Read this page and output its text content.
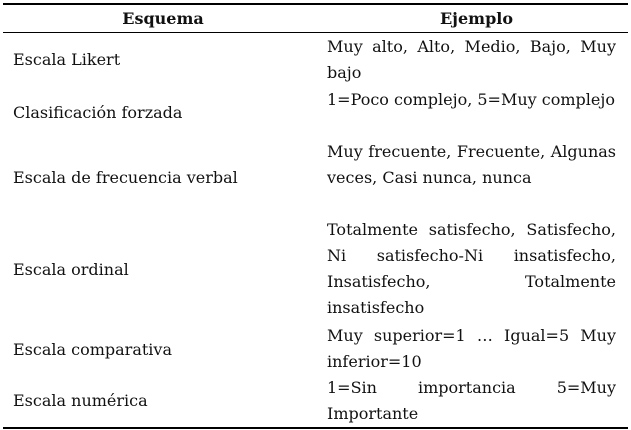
Esquema	Ejemplo
Escala Likert
Muy alto, Alto, Medio, Bajo, Muy bajo
Clasificación forzada
1=Poco complejo, 5=Muy complejo
Escala de frecuencia verbal
Muy frecuente, Frecuente, Algunas veces, Casi nunca, nunca
Escala ordinal
Totalmente satisfecho, Satisfecho, Ni satisfecho-Ni insatisfecho, Insatisfecho, Totalmente insatisfecho
Escala comparativa
Muy superior=1 … Igual=5 Muy inferior=10
Escala numérica
1=Sin importancia 5=Muy Importante
